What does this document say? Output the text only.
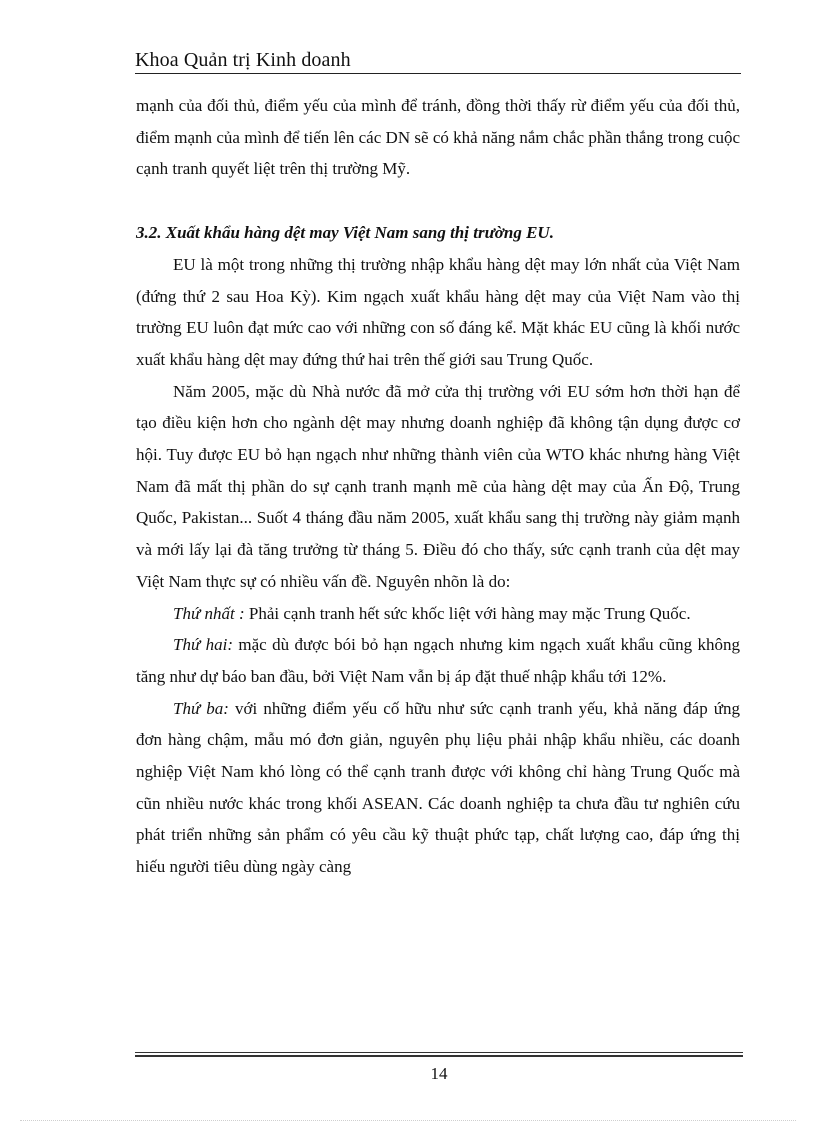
Khoa Quản trị Kinh doanh

mạnh của đối thủ, điểm yếu của mình để tránh, đồng thời thấy rừ điểm yếu của đối thủ, điểm mạnh của mình để tiến lên các DN sẽ có khả năng nắm chắc phần thắng trong cuộc cạnh tranh quyết liệt trên thị trường Mỹ.

3.2. Xuất khẩu hàng dệt may Việt Nam sang thị trường EU.

EU là một trong những thị trường nhập khẩu hàng dệt may lớn nhất của Việt Nam (đứng thứ 2 sau Hoa Kỳ). Kim ngạch xuất khẩu hàng dệt may của Việt Nam vào thị trường EU luôn đạt mức cao với những con số đáng kể. Mặt khác EU cũng là khối nước xuất khẩu hàng dệt may đứng thứ hai trên thế giới sau Trung Quốc.

Năm 2005, mặc dù Nhà nước đã mở cửa thị trường với EU sớm hơn thời hạn để tạo điều kiện hơn cho ngành dệt may nhưng doanh nghiệp đã không tận dụng được cơ hội. Tuy được EU bỏ hạn ngạch như những thành viên của WTO khác nhưng hàng Việt Nam đã mất thị phần do sự cạnh tranh mạnh mẽ của hàng dệt may của Ấn Độ, Trung Quốc, Pakistan... Suốt 4 tháng đầu năm 2005, xuất khẩu sang thị trường này giảm mạnh và mới lấy lại đà tăng trưởng từ tháng 5. Điều đó cho thấy, sức cạnh tranh của dệt may Việt Nam thực sự có nhiều vấn đề. Nguyên nhõn là do:

Thứ nhất : Phải cạnh tranh hết sức khốc liệt với hàng may mặc Trung Quốc.

Thứ hai: mặc dù được bói bỏ hạn ngạch nhưng kim ngạch xuất khẩu cũng không tăng như dự báo ban đầu, bởi Việt Nam vẫn bị áp đặt thuế nhập khẩu tới 12%.

Thứ ba: với những điểm yếu cố hữu như sức cạnh tranh yếu, khả năng đáp ứng đơn hàng chậm, mẫu mó đơn giản, nguyên phụ liệu phải nhập khẩu nhiều, các doanh nghiệp Việt Nam khó lòng có thể cạnh tranh được với không chỉ hàng Trung Quốc mà cũn nhiều nước khác trong khối ASEAN. Các doanh nghiệp ta chưa đầu tư nghiên cứu phát triển những sản phẩm có yêu cầu kỹ thuật phức tạp, chất lượng cao, đáp ứng thị hiếu người tiêu dùng ngày càng

14
